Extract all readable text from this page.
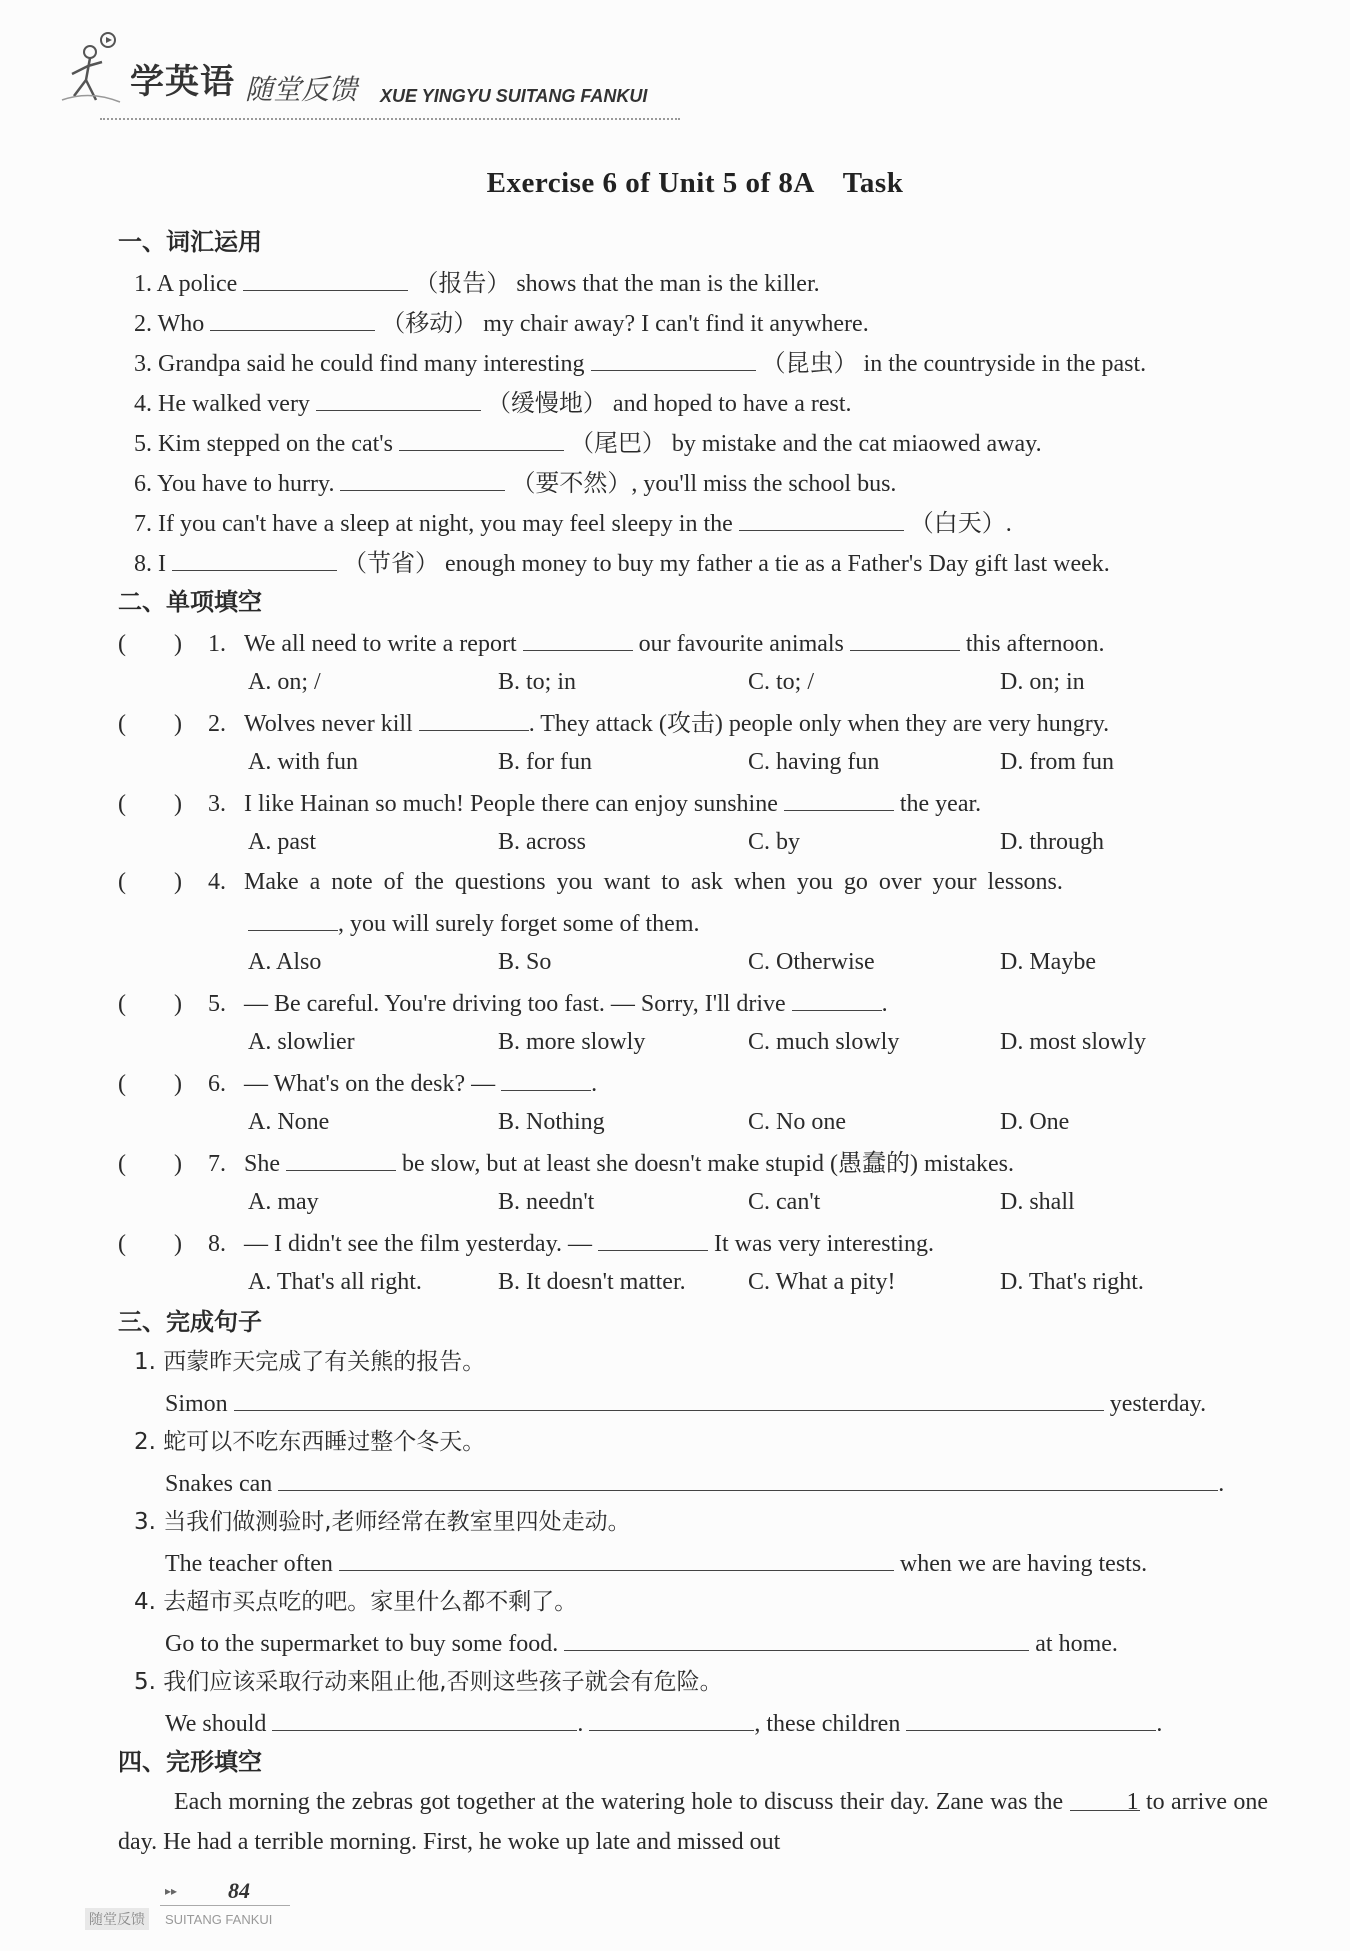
学英语 随堂反馈 XUE YINGYU SUITANG FANKUI
Exercise 6 of Unit 5 of 8A　Task
一、词汇运用
1. A police	（报告） shows that the man is the killer.
2. Who	（移动） my chair away? I can't find it anywhere.
3. Grandpa said he could find many interesting	（昆虫） in the countryside in the past.
4. He walked very	（缓慢地） and hoped to have a rest.
5. Kim stepped on the cat's	（尾巴） by mistake and the cat miaowed away.
6. You have to hurry.	（要不然）, you'll miss the school bus.
7. If you can't have a sleep at night, you may feel sleepy in the	（白天）.
8. I	（节省） enough money to buy my father a tie as a Father's Day gift last week.
二、单项填空
(　　) 1. We all need to write a report	our favourite animals	this afternoon.
A. on; /	B. to; in	C. to; /	D. on; in
(　　) 2. Wolves never kill	. They attack (攻击) people only when they are very hungry.
A. with fun	B. for fun	C. having fun	D. from fun
(　　) 3. I like Hainan so much! People there can enjoy sunshine	the year.
A. past	B. across	C. by	D. through
(　　) 4. Make a note of the questions you want to ask when you go over your lessons.
, you will surely forget some of them.
A. Also	B. So	C. Otherwise	D. Maybe
(　　) 5. — Be careful. You're driving too fast. — Sorry, I'll drive	.
A. slowlier	B. more slowly	C. much slowly	D. most slowly
(　　) 6. — What's on the desk? —	.
A. None	B. Nothing	C. No one	D. One
(　　) 7. She	be slow, but at least she doesn't make stupid (愚蠢的) mistakes.
A. may	B. needn't	C. can't	D. shall
(　　) 8. — I didn't see the film yesterday. —	It was very interesting.
A. That's all right.	B. It doesn't matter.	C. What a pity!	D. That's right.
三、完成句子
1. 西蒙昨天完成了有关熊的报告。
Simon	yesterday.
2. 蛇可以不吃东西睡过整个冬天。
Snakes can	.
3. 当我们做测验时,老师经常在教室里四处走动。
The teacher often	when we are having tests.
4. 去超市买点吃的吧。家里什么都不剩了。
Go to the supermarket to buy some food.	at home.
5. 我们应该采取行动来阻止他,否则这些孩子就会有危险。
We should	.	, these children	.
四、完形填空
Each morning the zebras got together at the watering hole to discuss their day. Zane was the	1 to arrive one day. He had a terrible morning. First, he woke up late and missed out
▸▸ 84
随堂反馈	SUITANG FANKUI
